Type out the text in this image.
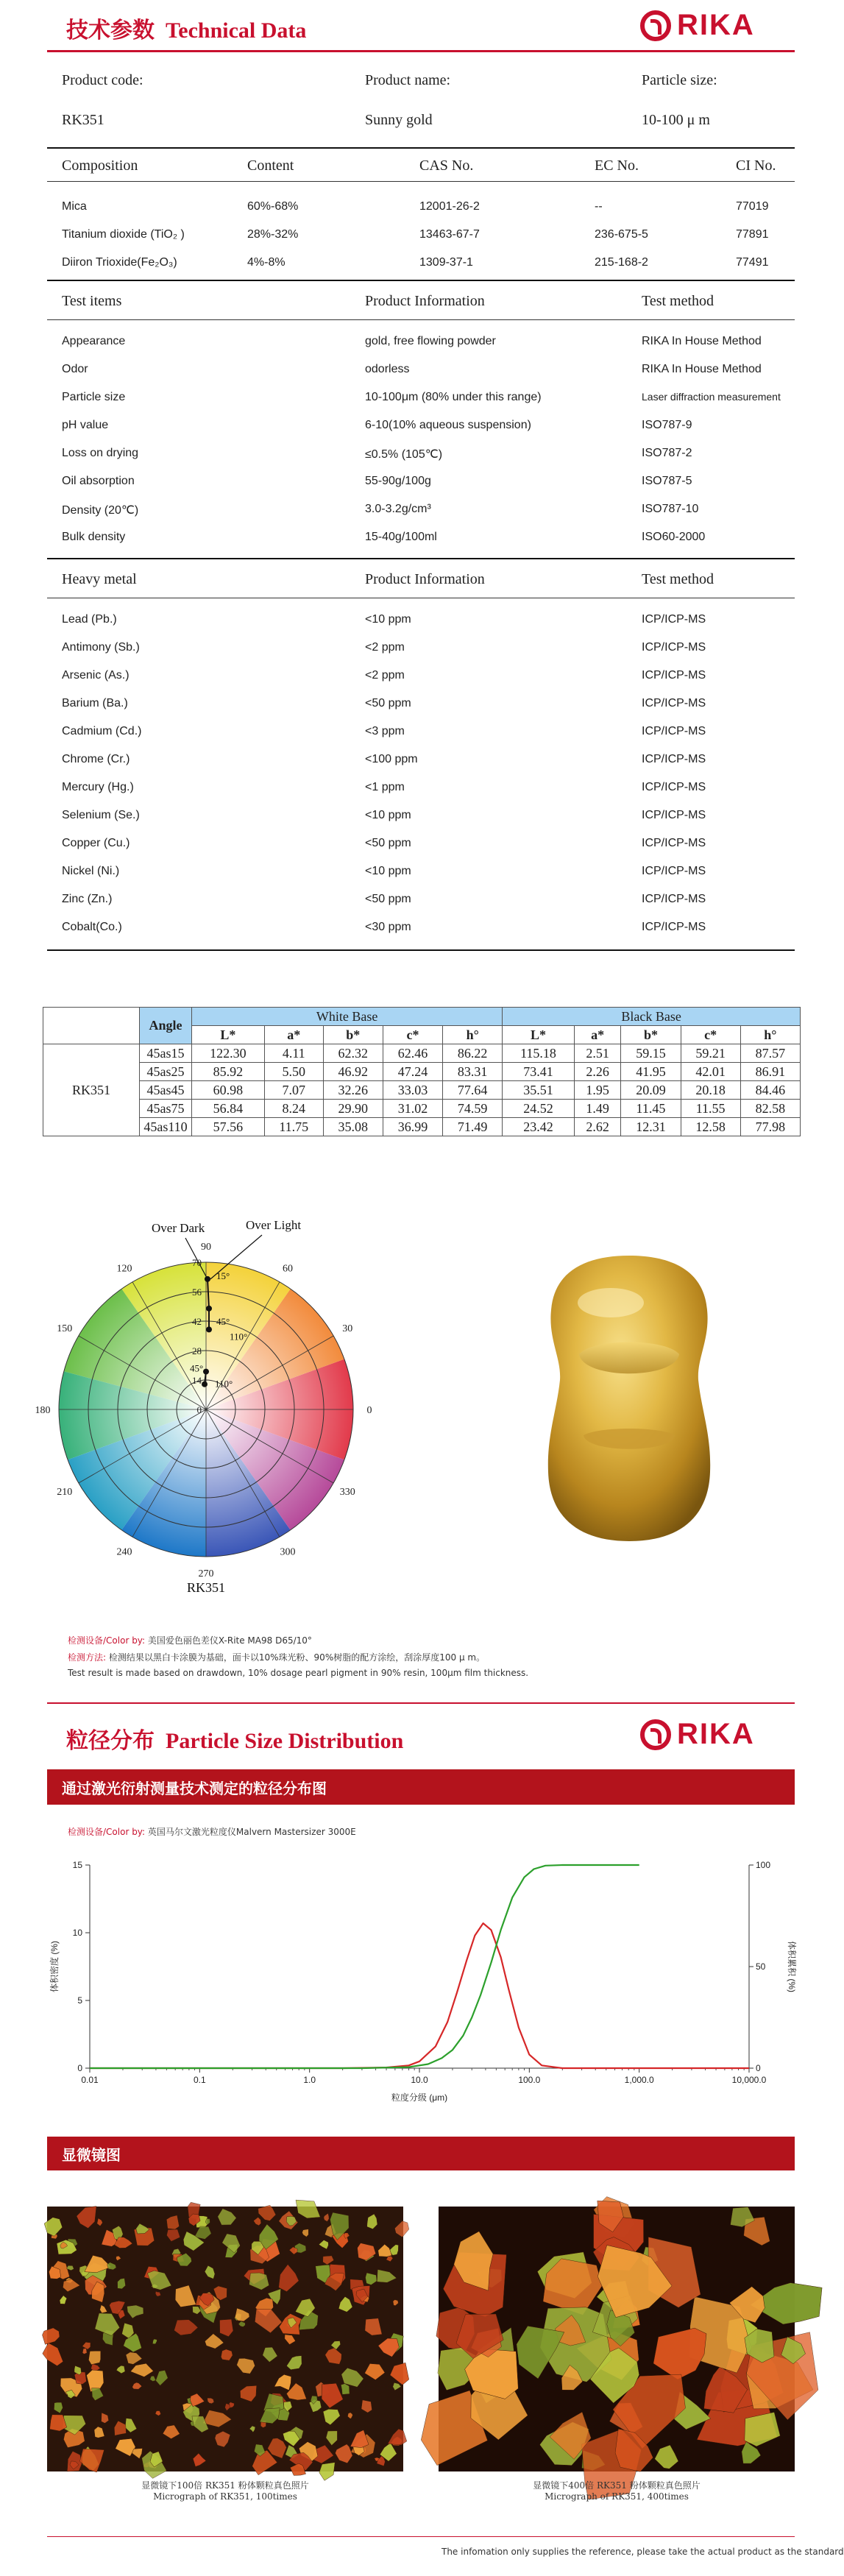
技术参数 Technical Data	RIKA
Product code:	Product name:	Particle size:
RK351	Sunny gold	10-100 μ m
Composition	Content	CAS No.	EC No.	CI No.
Mica	60%-68%	12001-26-2	--	77019
Titanium dioxide (TiO₂ )	28%-32%	13463-67-7	236-675-5	77891
Diiron Trioxide(Fe₂O₃)	4%-8%	1309-37-1	215-168-2	77491
Test items	Product Information	Test method
Appearance	gold, free flowing powder	RIKA In House Method
Odor	odorless	RIKA In House Method
Particle size	10-100μm (80% under this range)	Laser diffraction measurement
pH value	6-10(10% aqueous suspension)	ISO787-9
Loss on drying	≤0.5% (105℃)	ISO787-2
Oil absorption	55-90g/100g	ISO787-5
Density (20℃)	3.0-3.2g/cm³	ISO787-10
Bulk density	15-40g/100ml	ISO60-2000
Heavy metal	Product Information	Test method
Lead (Pb.)	<10 ppm	ICP/ICP-MS
Antimony (Sb.)	<2 ppm	ICP/ICP-MS
Arsenic (As.)	<2 ppm	ICP/ICP-MS
Barium (Ba.)	<50 ppm	ICP/ICP-MS
Cadmium (Cd.)	<3 ppm	ICP/ICP-MS
Chrome (Cr.)	<100 ppm	ICP/ICP-MS
Mercury (Hg.)	<1 ppm	ICP/ICP-MS
Selenium (Se.)	<10 ppm	ICP/ICP-MS
Copper (Cu.)	<50 ppm	ICP/ICP-MS
Nickel (Ni.)	<10 ppm	ICP/ICP-MS
Zinc (Zn.)	<50 ppm	ICP/ICP-MS
Cobalt(Co.)	<30 ppm	ICP/ICP-MS
	Angle	White Base					Black Base				
		L*	a*	b*	c*	h°	L*	a*	b*	c*	h°
RK351	45as15	122.30	4.11	62.32	62.46	86.22	115.18	2.51	59.15	59.21	87.57
	45as25	85.92	5.50	46.92	47.24	83.31	73.41	2.26	41.95	42.01	86.91
	45as45	60.98	7.07	32.26	33.03	77.64	35.51	1.95	20.09	20.18	84.46
	45as75	56.84	8.24	29.90	31.02	74.59	24.52	1.49	11.45	11.55	82.58
	45as110	57.56	11.75	35.08	36.99	71.49	23.42	2.62	12.31	12.58	77.98
90
60
30
0
330
300
270
240
210
180
150
120
70
56
42
28
14
0
15°
45°
110°
45°
110°
Over Dark	Over Light
RK351
检测设备/Color by: 美国爱色丽色差仪X-Rite MA98 D65/10°
检测方法: 检测结果以黑白卡涂膜为基础，面卡以10%珠光粉、90%树脂的配方涂绘，刮涂厚度100 μ m。
Test result is made based on drawdown, 10% dosage pearl pigment in 90% resin, 100μm film thickness.
粒径分布 Particle Size Distribution	RIKA
通过激光衍射测量技术测定的粒径分布图
检测设备/Color by: 英国马尔文激光粒度仪Malvern Mastersizer 3000E
0
5
10
15
0
50
100
0.01	0.1	1.0	10.0	100.0	1,000.0	10,000.0
粒度分级 (μm)
体积密度 (%)	体积累积 (%)
显微镜图
显微镜下100倍 RK351 粉体颗粒真色照片
Micrograph of RK351, 100times
显微镜下400倍 RK351 粉体颗粒真色照片
Micrograph of RK351, 400times
The infomation only supplies the reference, please take the actual product as the standard
